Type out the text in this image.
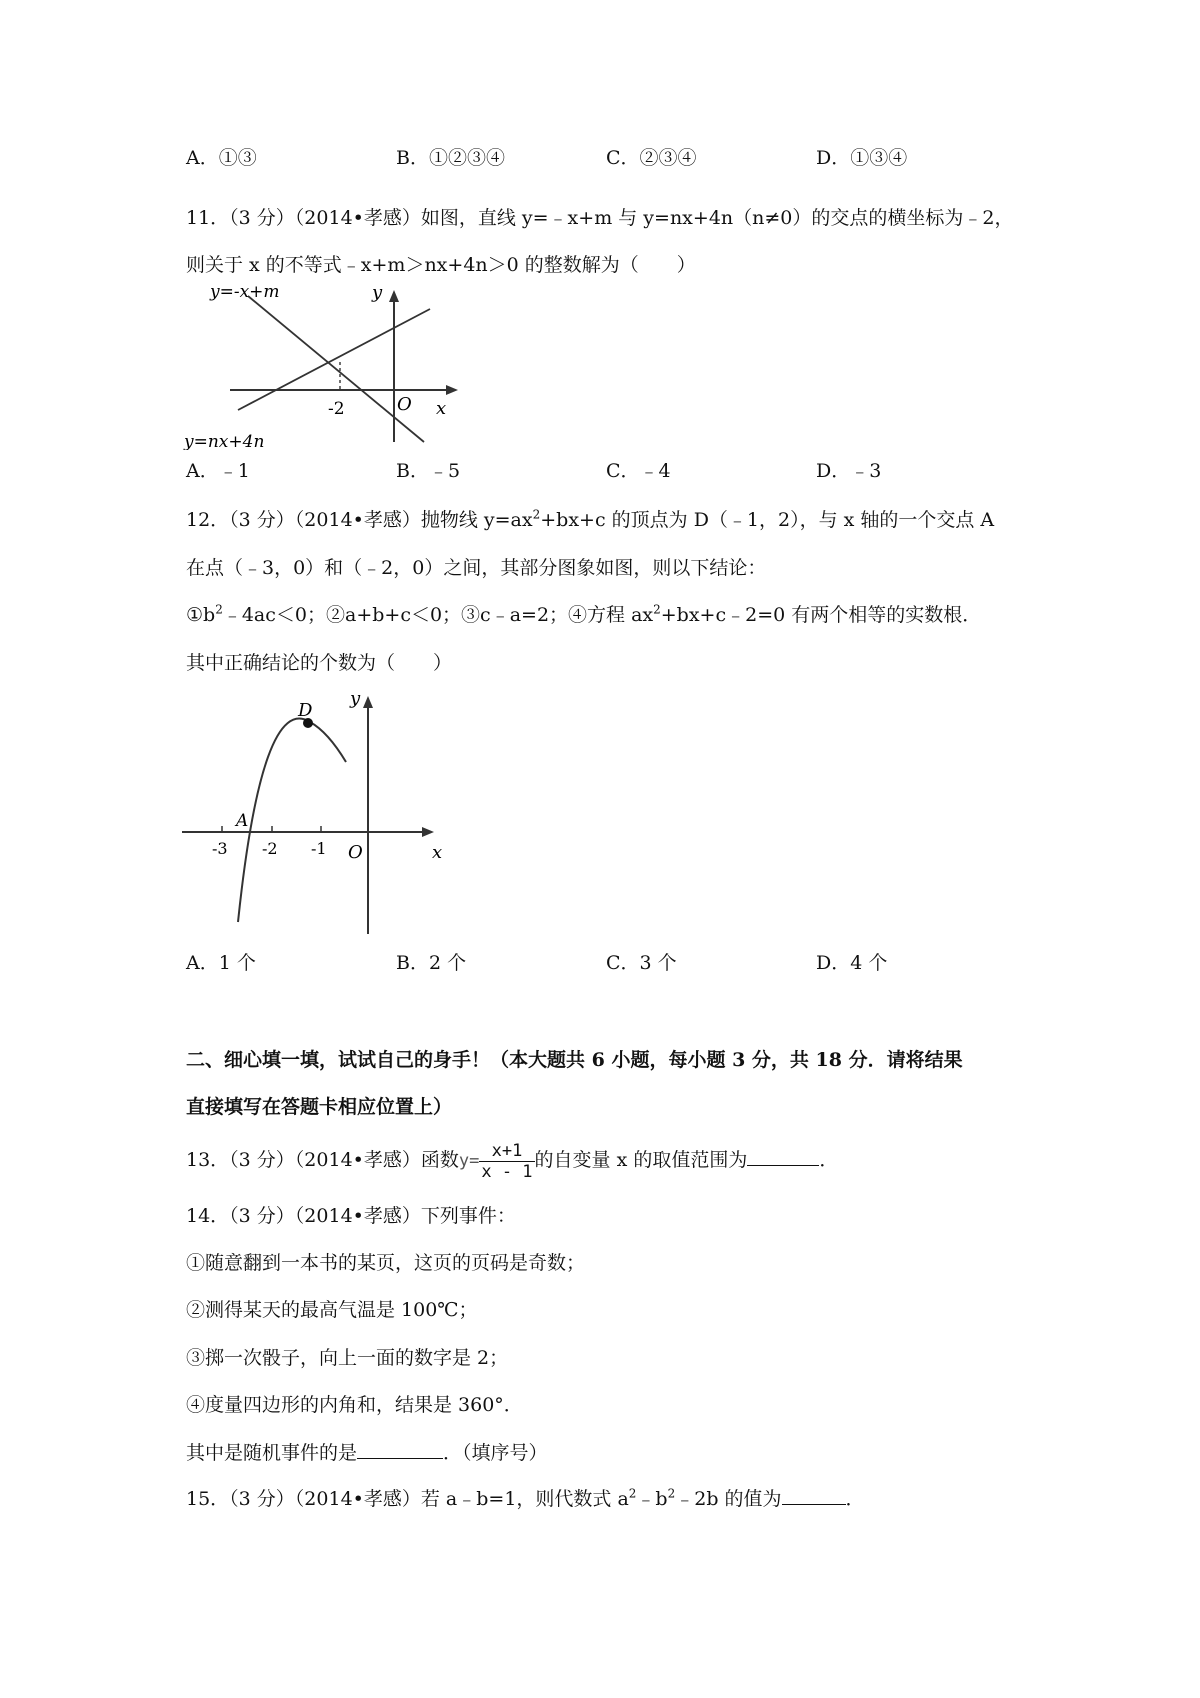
A．①③	B．①②③④	C．②③④	D．①③④
11．（3 分）（2014•孝感）如图，直线 y=﹣x+m 与 y=nx+4n（n≠0）的交点的横坐标为﹣2，
则关于 x 的不等式﹣x+m＞nx+4n＞0 的整数解为（　　）
y=-x+m
y=nx+4n
y
x
O
-2
A．﹣1	B．﹣5	C．﹣4	D．﹣3
12．（3 分）（2014•孝感）抛物线 $y=ax^2+bx+c$ 的顶点为 D（﹣1，2），与 x 轴的一个交点 A
在点（﹣3，0）和（﹣2，0）之间，其部分图象如图，则以下结论：
$①b^2﹣4ac<0$；②a+b+c＜0；③c﹣a=2；④方程 $ax^2+bx+c﹣2=0$ 有两个相等的实数根．
其中正确结论的个数为（　　）
D
A
y
x
O
-3 -2 -1
A．1 个	B．2 个	C．3 个	D．4 个
二、细心填一填，试试自己的身手！（本大题共 6 小题，每小题 3 分，共 18 分．请将结果
直接填写在答题卡相应位置上）
13．（3 分）（2014•孝感）函数$y= \frac{x+1}{x - 1}$ 的自变量 x 的取值范围为	．
14．（3 分）（2014•孝感）下列事件：
①随意翻到一本书的某页，这页的页码是奇数；
②测得某天的最高气温是 100℃；
③掷一次骰子，向上一面的数字是 2；
④度量四边形的内角和，结果是 360°．
其中是随机事件的是	．（填序号）
15．（3 分）（2014•孝感）若 a﹣b=1，则代数式 $a^2﹣b^2﹣2b$ 的值为	．
